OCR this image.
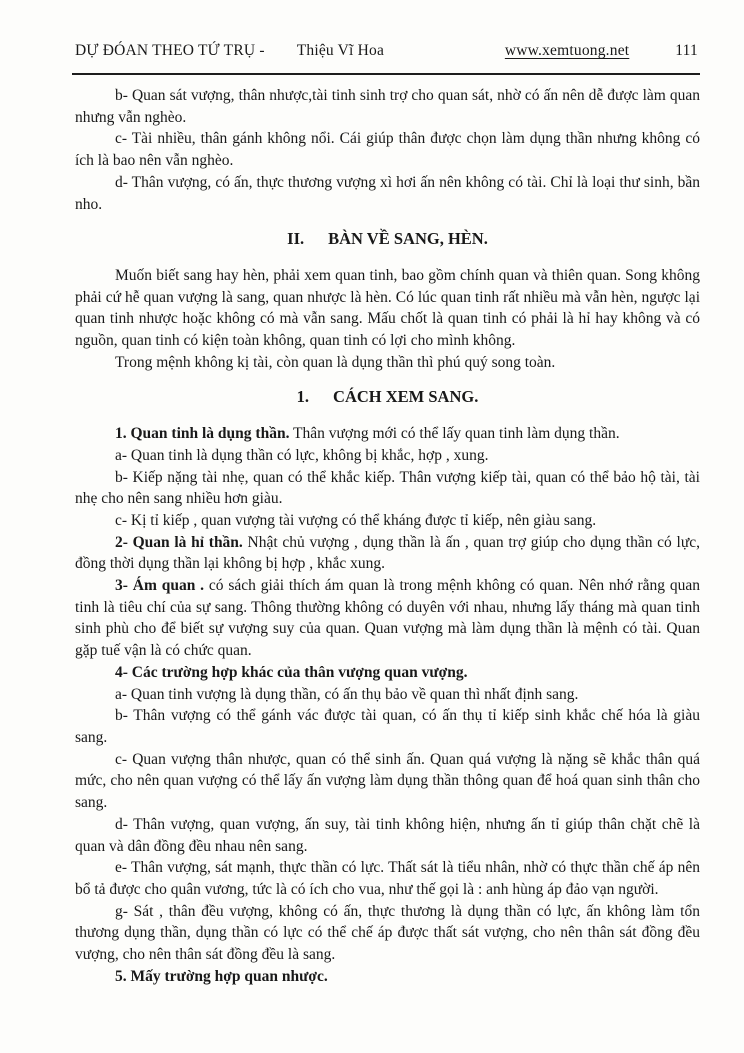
DỰ ĐÓAN THEO TỨ TRỤ - Thiệu Vĩ Hoa	www.xemtuong.net	111

b- Quan sát vượng, thân nhược,tài tinh sinh trợ cho quan sát, nhờ có ấn nên dễ được làm quan nhưng vẫn nghèo.

c- Tài nhiều, thân gánh không nổi. Cái giúp thân được chọn làm dụng thần nhưng không có ích là bao nên vẫn nghèo.

d- Thân vượng, có ấn, thực thương vượng xì hơi ấn nên không có tài. Chỉ là loại thư sinh, bần nho.

II. BÀN VỀ SANG, HÈN.

Muốn biết sang hay hèn, phải xem quan tinh, bao gồm chính quan và thiên quan. Song không phải cứ hễ quan vượng là sang, quan nhược là hèn. Có lúc quan tinh rất nhiều mà vẫn hèn, ngược lại quan tinh nhược hoặc không có mà vẫn sang. Mấu chốt là quan tinh có phải là hỉ hay không và có nguồn, quan tinh có kiện toàn không, quan tinh có lợi cho mình không.

Trong mệnh không kị tài, còn quan là dụng thần thì phú quý song toàn.

1. CÁCH XEM SANG.

1. Quan tinh là dụng thần. Thân vượng mới có thể lấy quan tinh làm dụng thần.

a- Quan tinh là dụng thần có lực, không bị khắc, hợp , xung.

b- Kiếp nặng tài nhẹ, quan có thể khắc kiếp. Thân vượng kiếp tài, quan có thể bảo hộ tài, tài nhẹ cho nên sang nhiều hơn giàu.

c- Kị tỉ kiếp , quan vượng tài vượng có thể kháng được tỉ kiếp, nên giàu sang.

2- Quan là hỉ thần. Nhật chủ vượng , dụng thần là ấn , quan trợ giúp cho dụng thần có lực, đồng thời dụng thần lại không bị hợp , khắc xung.

3- Ám quan . có sách giải thích ám quan là trong mệnh không có quan. Nên nhớ rằng quan tinh là tiêu chí của sự sang. Thông thường không có duyên với nhau, nhưng lấy tháng mà quan tinh sinh phù cho để biết sự vượng suy của quan. Quan vượng mà làm dụng thần là mệnh có tài. Quan gặp tuế vận là có chức quan.

4- Các trường hợp khác của thân vượng quan vượng.

a- Quan tinh vượng là dụng thần, có ấn thụ bảo về quan thì nhất định sang.

b- Thân vượng có thể gánh vác được tài quan, có ấn thụ tỉ kiếp sinh khắc chế hóa là giàu sang.

c- Quan vượng thân nhược, quan có thể sinh ấn. Quan quá vượng là nặng sẽ khắc thân quá mức, cho nên quan vượng có thể lấy ấn vượng làm dụng thần thông quan để hoá quan sinh thân cho sang.

d- Thân vượng, quan vượng, ấn suy, tài tinh không hiện, nhưng ấn tỉ giúp thân chặt chẽ là quan và dân đồng đều nhau nên sang.

e- Thân vượng, sát mạnh, thực thần có lực. Thất sát là tiểu nhân, nhờ có thực thần chế áp nên bổ tả được cho quân vương, tức là có ích cho vua, như thế gọi là : anh hùng áp đảo vạn người.

g- Sát , thân đều vượng, không có ấn, thực thương là dụng thần có lực, ấn không làm tổn thương dụng thần, dụng thần có lực có thể chế áp được thất sát vượng, cho nên thân sát đồng đều vượng, cho nên thân sát đồng đều là sang.

5. Mấy trường hợp quan nhược.
